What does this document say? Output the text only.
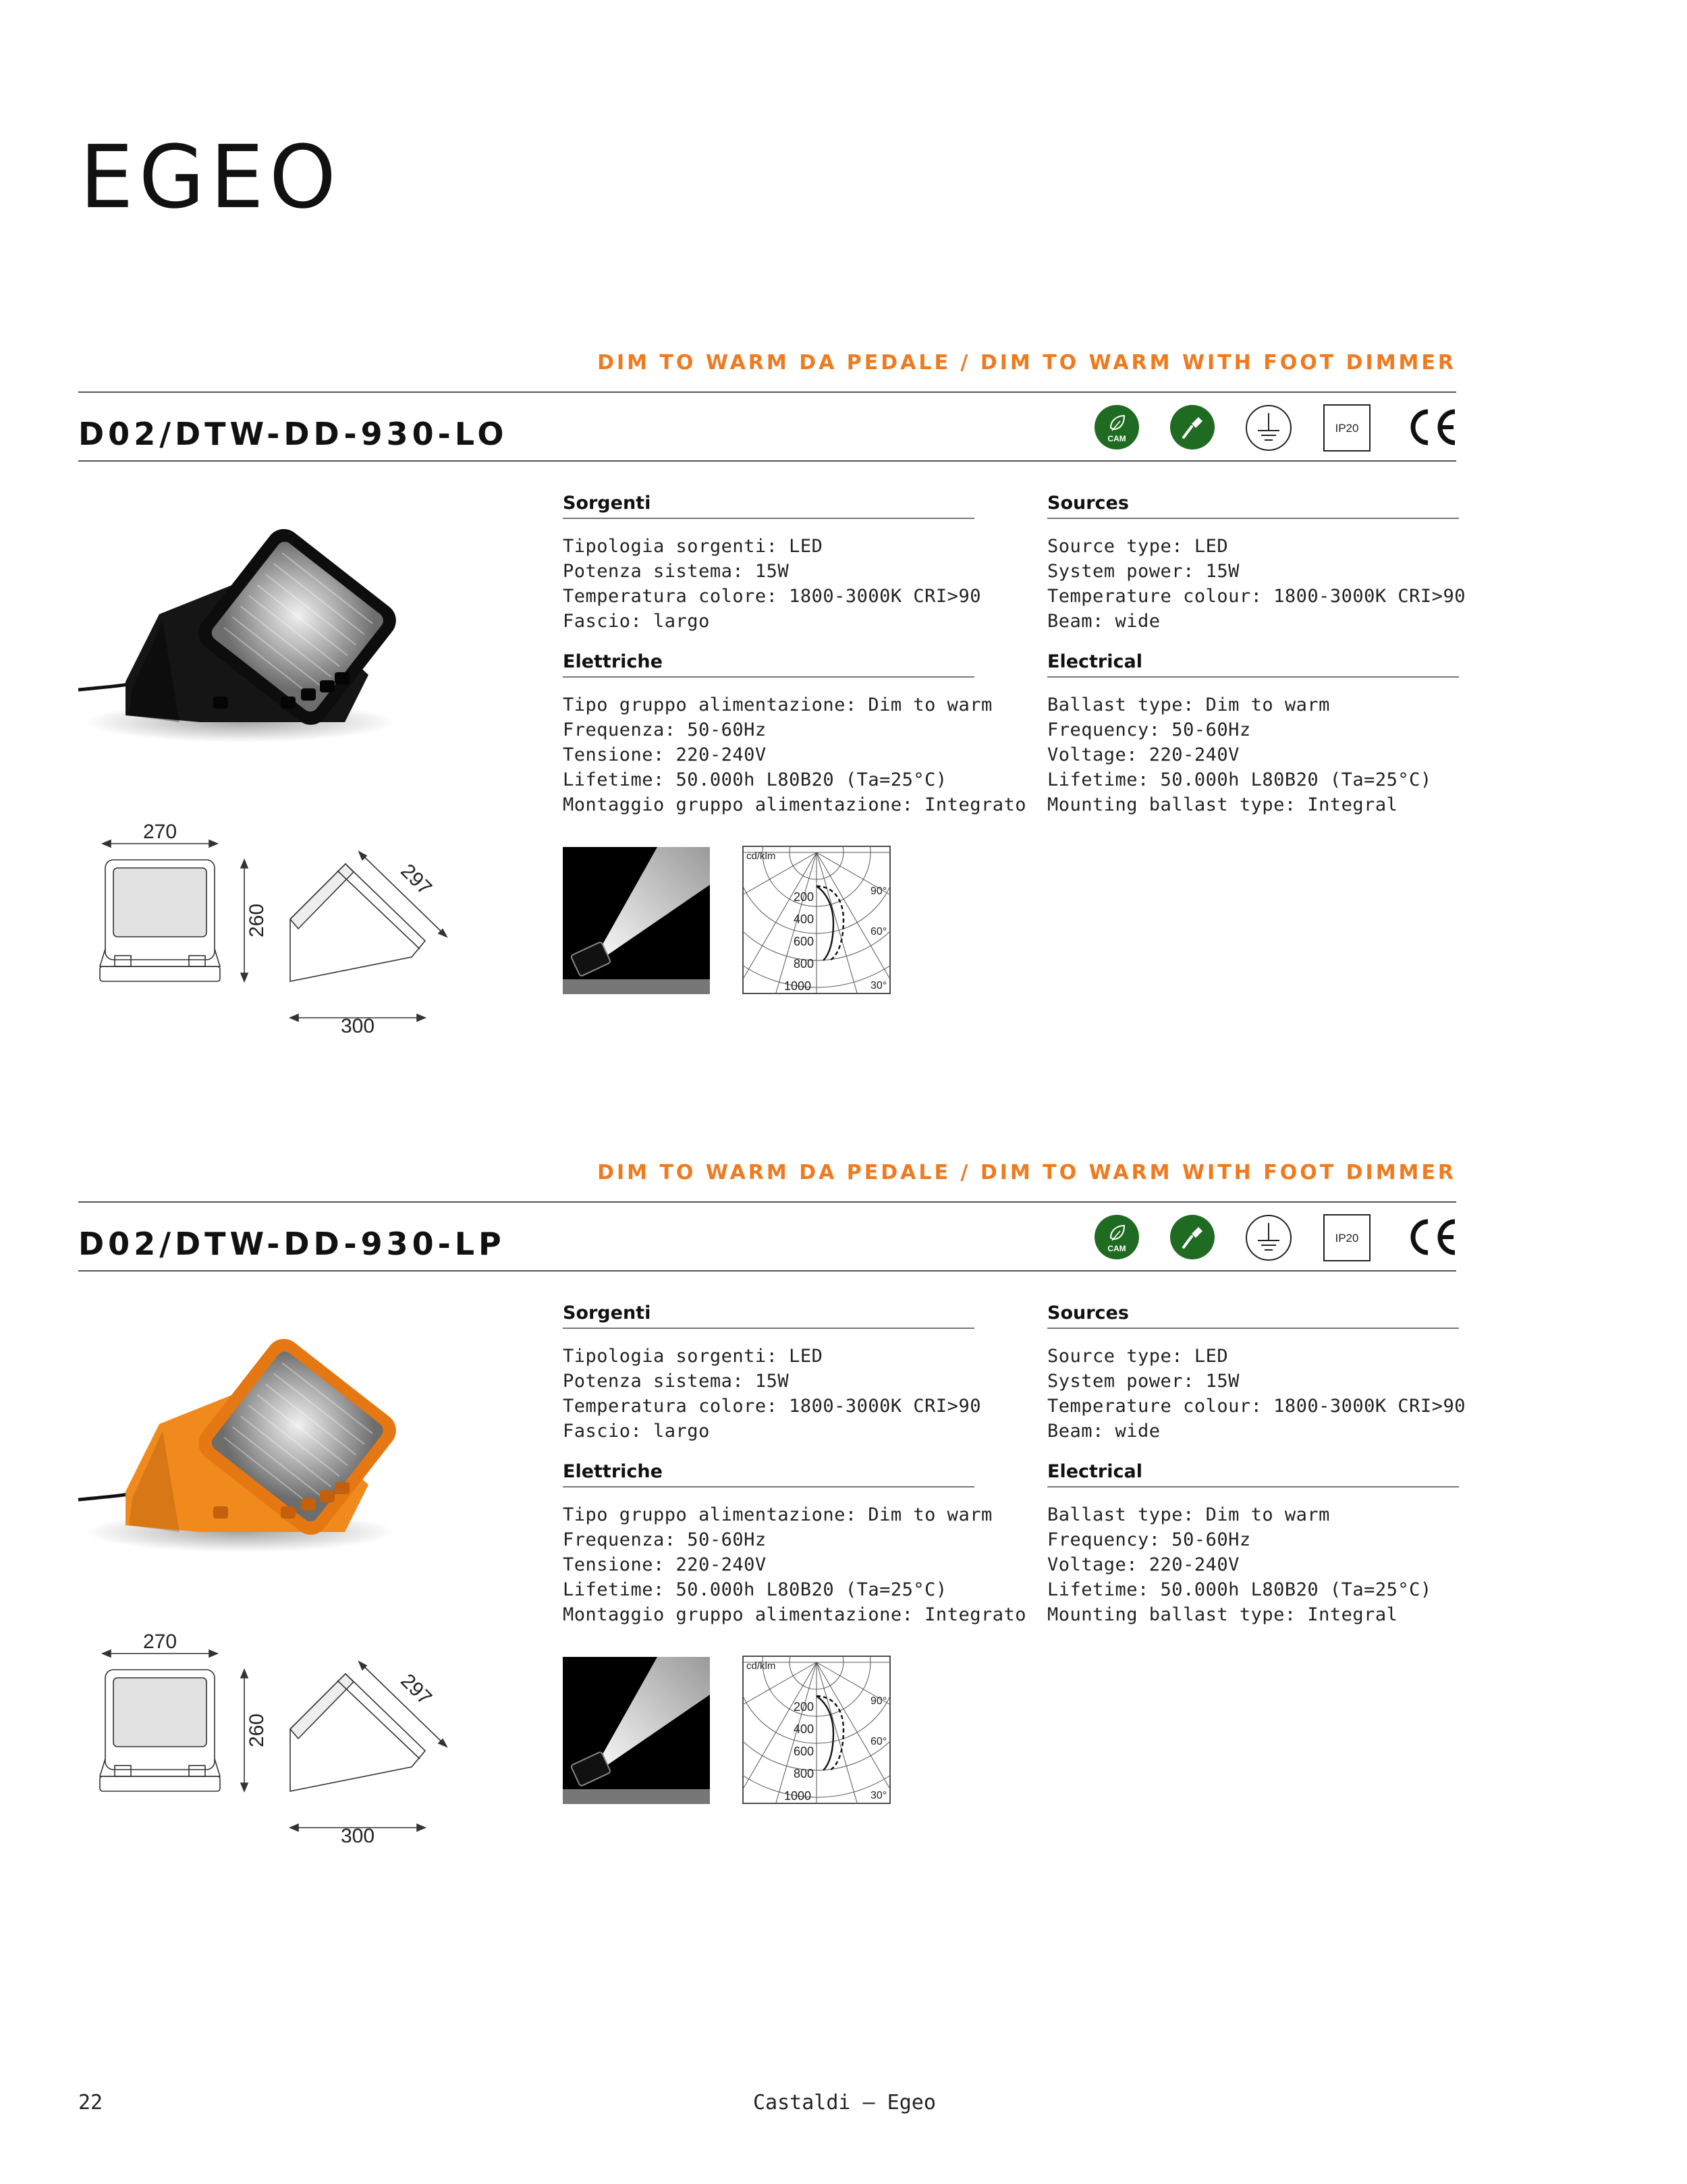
EGEO
DIM TO WARM DA PEDALE / DIM TO WARM WITH FOOT DIMMER
D02/DTW-DD-930-LO	CAM
IP20
270
260
297
300
cd/klm
200
400
600
800
1000
90°
60°
30°
Sorgenti
Tipologia sorgenti: LED
Potenza sistema: 15W
Temperatura colore: 1800-3000K CRI>90
Fascio: largo
Elettriche
Tipo gruppo alimentazione: Dim to warm
Frequenza: 50-60Hz
Tensione: 220-240V
Lifetime: 50.000h L80B20 (Ta=25°C)
Montaggio gruppo alimentazione: Integrato
Sources
Source type: LED
System power: 15W
Temperature colour: 1800-3000K CRI>90
Beam: wide
Electrical
Ballast type: Dim to warm
Frequency: 50-60Hz
Voltage: 220-240V
Lifetime: 50.000h L80B20 (Ta=25°C)
Mounting ballast type: Integral
DIM TO WARM DA PEDALE / DIM TO WARM WITH FOOT DIMMER
D02/DTW-DD-930-LP	CAM
IP20
270
260
297
300
cd/klm
200
400
600
800
1000
90°
60°
30°
Sorgenti
Tipologia sorgenti: LED
Potenza sistema: 15W
Temperatura colore: 1800-3000K CRI>90
Fascio: largo
Elettriche
Tipo gruppo alimentazione: Dim to warm
Frequenza: 50-60Hz
Tensione: 220-240V
Lifetime: 50.000h L80B20 (Ta=25°C)
Montaggio gruppo alimentazione: Integrato
Sources
Source type: LED
System power: 15W
Temperature colour: 1800-3000K CRI>90
Beam: wide
Electrical
Ballast type: Dim to warm
Frequency: 50-60Hz
Voltage: 220-240V
Lifetime: 50.000h L80B20 (Ta=25°C)
Mounting ballast type: Integral
22	Castaldi — Egeo
